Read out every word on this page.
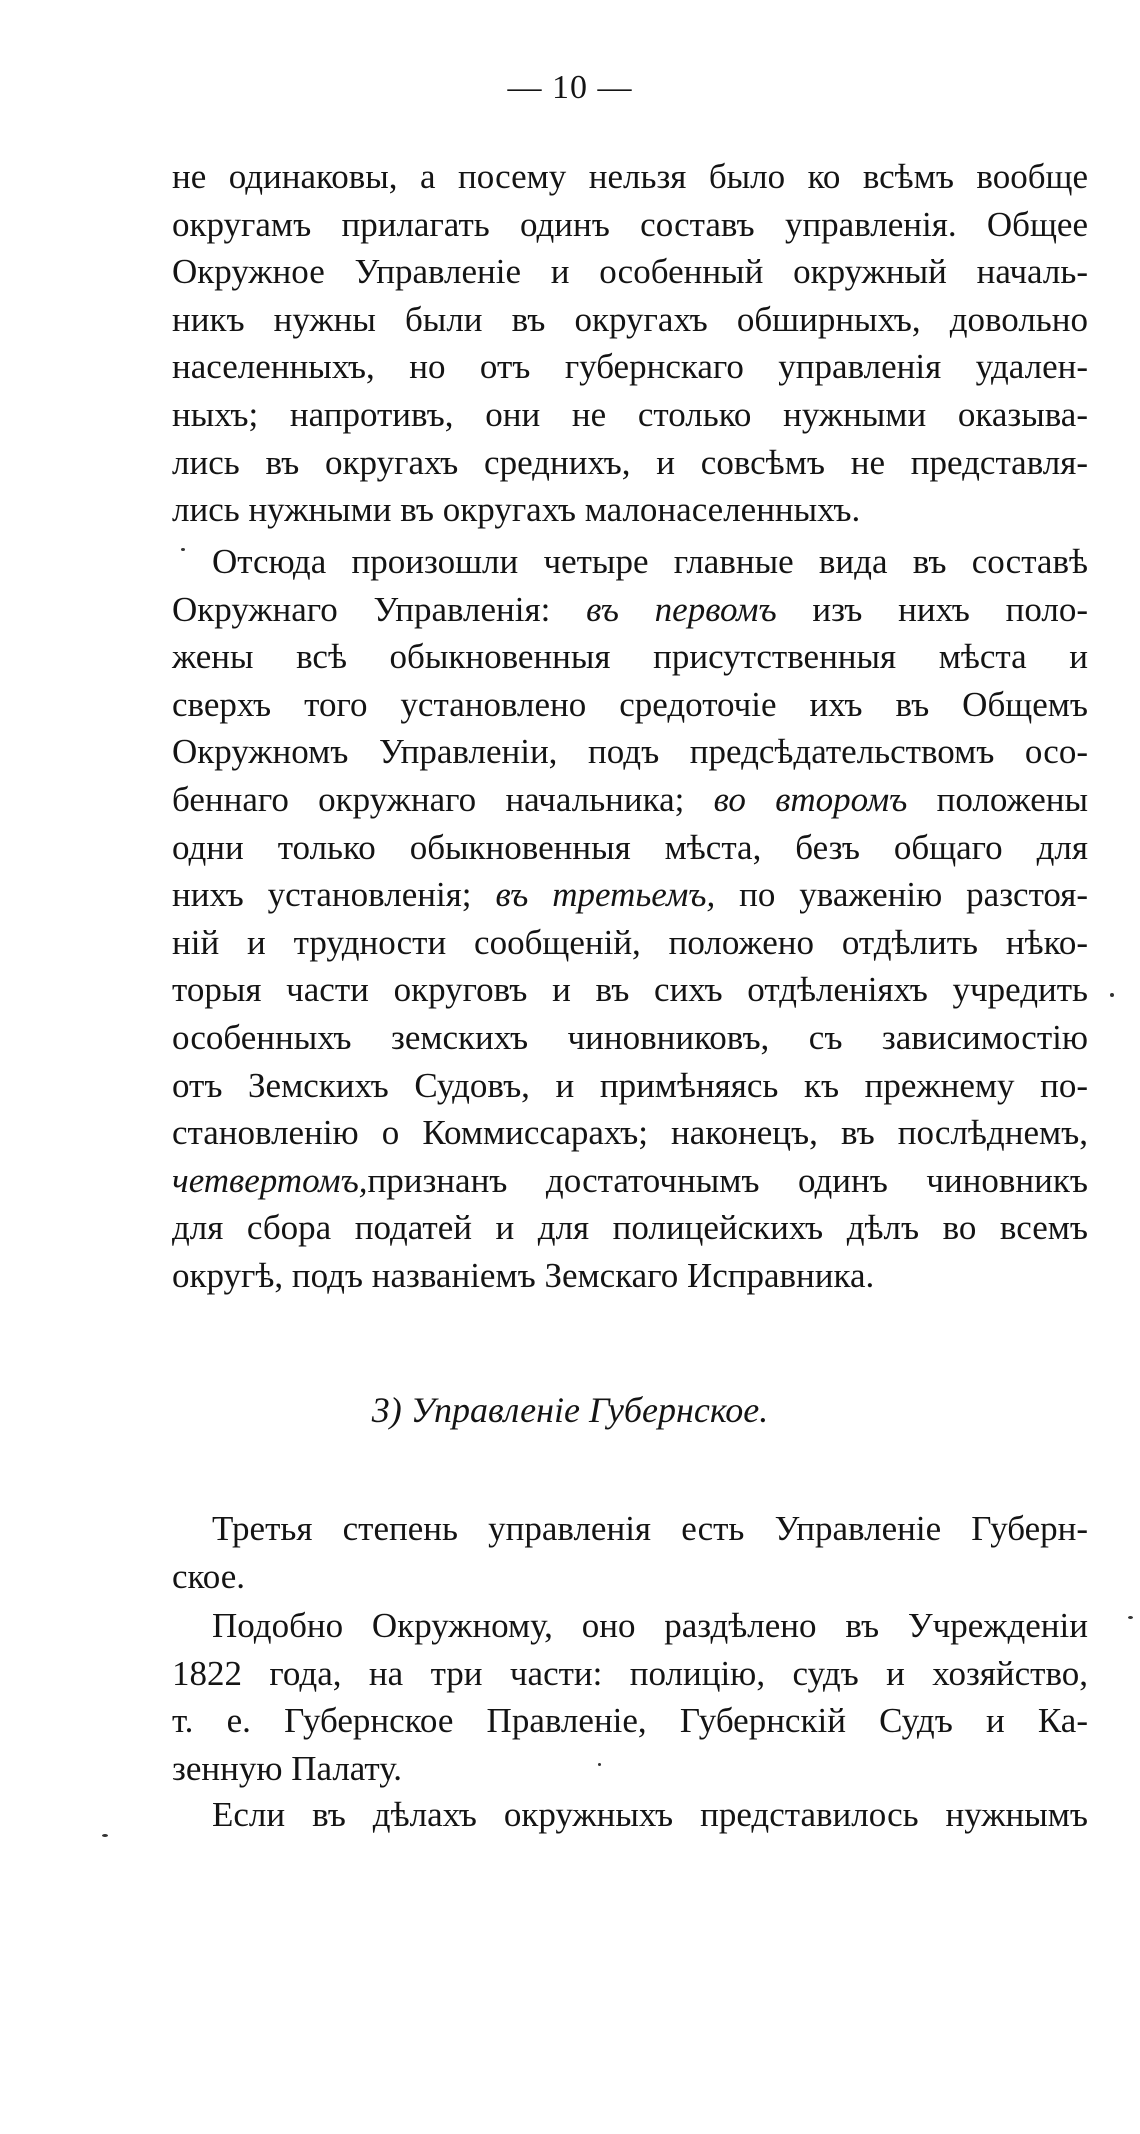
— 10 —
не одинаковы, а посему нельзя было ко всѣмъ вообще
округамъ прилагать одинъ составъ управленія. Общее
Окружное Управленіе и особенный окружный началь-
никъ нужны были въ округахъ обширныхъ, довольно
населенныхъ, но отъ губернскаго управленія удален-
ныхъ; напротивъ, они не столько нужными оказыва-
лись въ округахъ среднихъ, и совсѣмъ не представля-
лись нужными въ округахъ малонаселенныхъ.
Отсюда произошли четыре главные вида въ составѣ
Окружнаго Управленія: въ первомъ изъ нихъ поло-
жены всѣ обыкновенныя присутственныя мѣста и
сверхъ того установлено средоточіе ихъ въ Общемъ
Окружномъ Управленіи, подъ предсѣдательствомъ осо-
беннаго окружнаго начальника; во второмъ положены
одни только обыкновенныя мѣста, безъ общаго для
нихъ установленія; въ третьемъ, по уваженію разстоя-
ній и трудности сообщеній, положено отдѣлить нѣко-
торыя части округовъ и въ сихъ отдѣленіяхъ учредить
особенныхъ земскихъ чиновниковъ, съ зависимостію
отъ Земскихъ Судовъ, и примѣняясь къ прежнему по-
становленію о Коммиссарахъ; наконецъ, въ послѣднемъ,
четвертомъ,признанъ достаточнымъ одинъ чиновникъ
для сбора податей и для полицейскихъ дѣлъ во всемъ
округѣ, подъ названіемъ Земскаго Исправника.
3) Управленіе Губернское.
Третья степень управленія есть Управленіе Губерн-
ское.
Подобно Окружному, оно раздѣлено въ Учреждeніи
1822 года, на три части: полицію, судъ и хозяйство,
т. е. Губернское Правленіе, Губернскій Судъ и Ка-
зенную Палату.
Если въ дѣлахъ окружныхъ представилось нужнымъ
